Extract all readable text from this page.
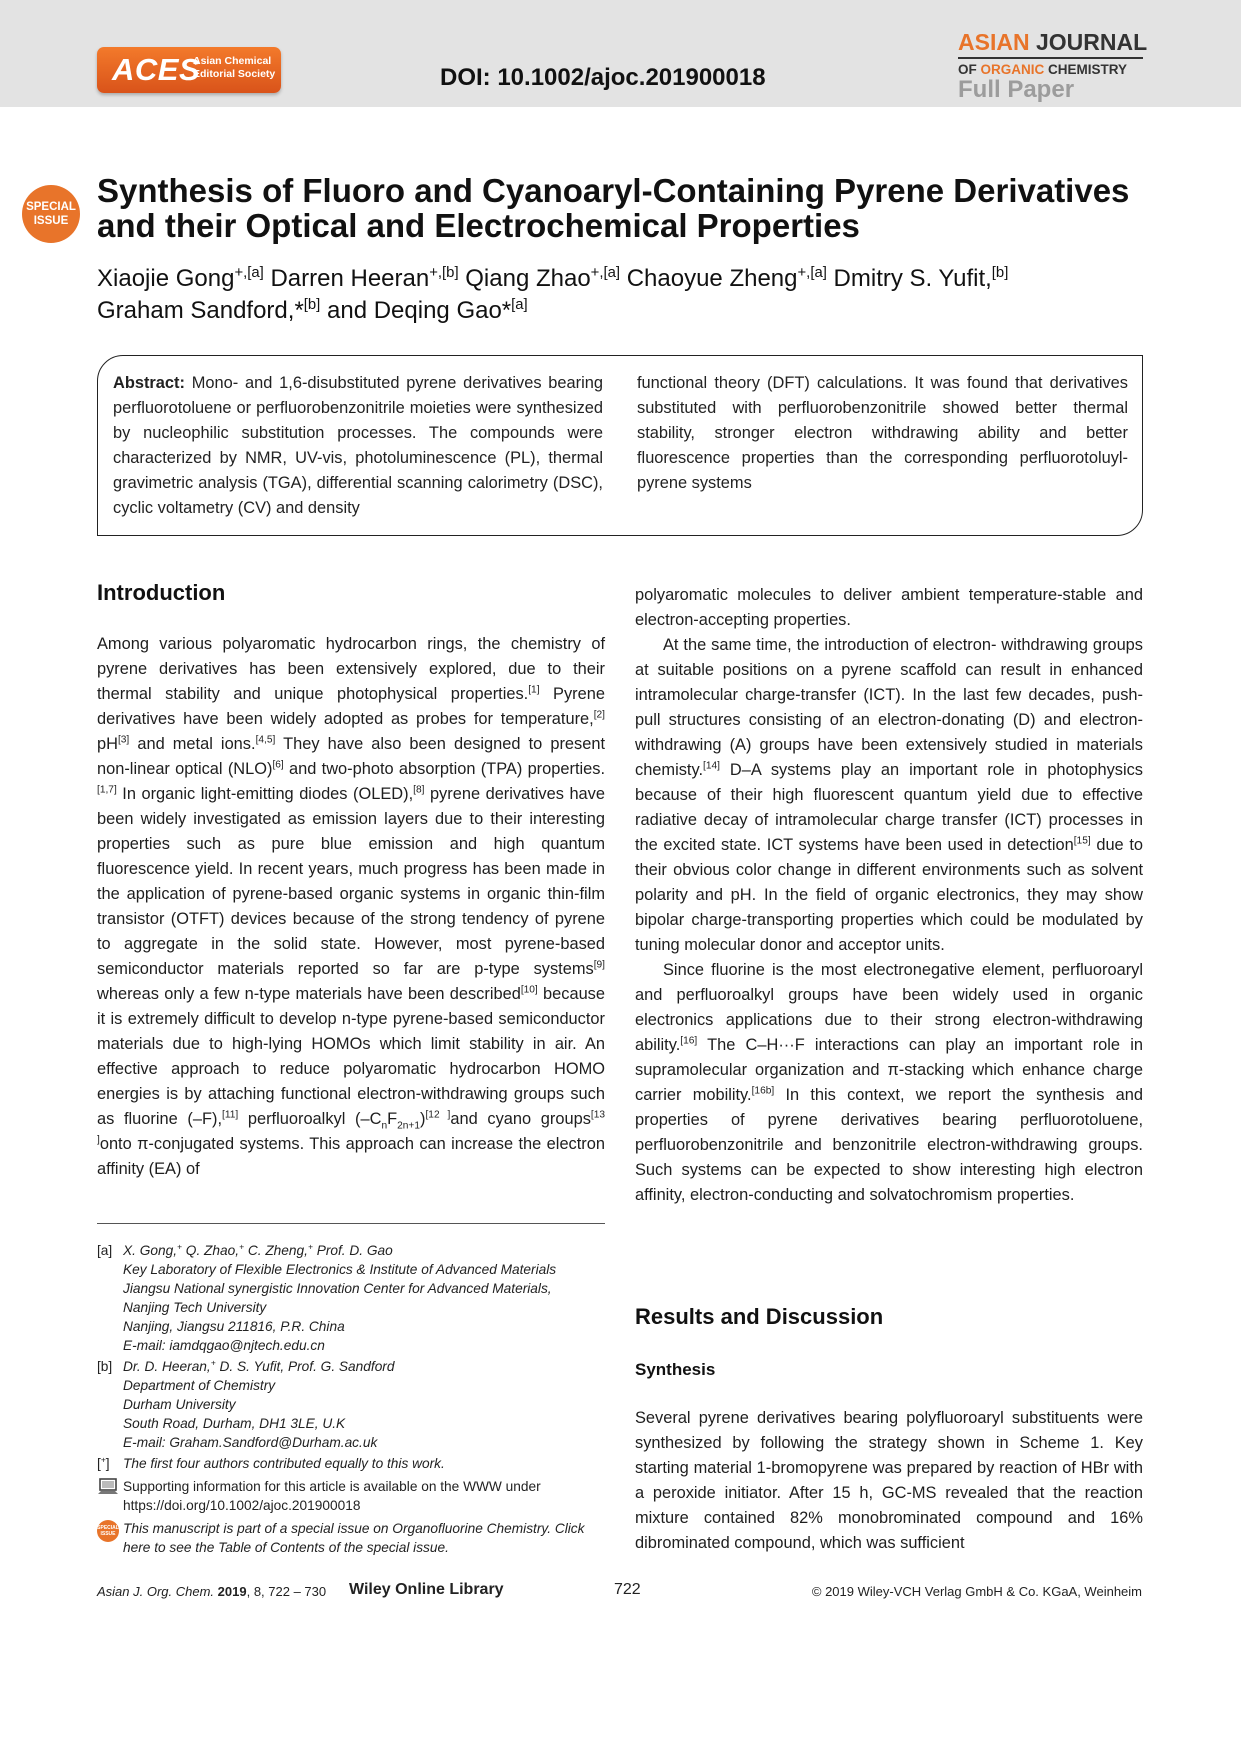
ACES
Asian Chemical
Editorial Society	DOI: 10.1002/ajoc.201900018
ASIAN JOURNAL
OF ORGANIC CHEMISTRY
Full Paper
SPECIAL
ISSUE
Synthesis of Fluoro and Cyanoaryl-Containing Pyrene Derivatives and their Optical and Electrochemical Properties
Xiaojie Gong$^{+,[a]}$ Darren Heeran$^{+,[b]}$ Qiang Zhao$^{+,[a]}$ Chaoyue Zheng$^{+,[a]}$ Dmitry S. Yufit,[b]
Graham Sandford,*[b] and Deqing Gao*[a]
Abstract: Mono- and 1,6-disubstituted pyrene derivatives bearing perfluorotoluene or perfluorobenzonitrile moieties were synthesized by nucleophilic substitution processes. The compounds were characterized by NMR, UV-vis, photoluminescence (PL), thermal gravimetric analysis (TGA), differential scanning calorimetry (DSC), cyclic voltametry (CV) and density
functional theory (DFT) calculations. It was found that derivatives substituted with perfluorobenzonitrile showed better thermal stability, stronger electron withdrawing ability and better fluorescence properties than the corresponding perfluorotoluyl-pyrene systems
Introduction

Among various polyaromatic hydrocarbon rings, the chemistry of pyrene derivatives has been extensively explored, due to their thermal stability and unique photophysical properties.[1] Pyrene derivatives have been widely adopted as probes for temperature,[2] pH[3] and metal ions.[4,5] They have also been designed to present non-linear optical (NLO)[6] and two-photo absorption (TPA) properties.[1,7] In organic light-emitting diodes (OLED),[8] pyrene derivatives have been widely investigated as emission layers due to their interesting properties such as pure blue emission and high quantum fluorescence yield. In recent years, much progress has been made in the application of pyrene-based organic systems in organic thin-film transistor (OTFT) devices because of the strong tendency of pyrene to aggregate in the solid state. However, most pyrene-based semiconductor materials reported so far are p-type systems[9] whereas only a few n-type materials have been described[10] because it is extremely difficult to develop n-type pyrene-based semiconductor materials due to high-lying HOMOs which limit stability in air. An effective approach to reduce polyaromatic hydrocarbon HOMO energies is by attaching functional electron-withdrawing groups such as fluorine (–F),[11] perfluoroalkyl $(-C_nF_{2n+1})[12 ]and$ cyano groups[13 ]onto π-conjugated systems. This approach can increase the electron affinity (EA) of

[a] X. Gong,+ Q. Zhao,+ C. Zheng,+ Prof. D. Gao
Key Laboratory of Flexible Electronics & Institute of Advanced Materials
Jiangsu National synergistic Innovation Center for Advanced Materials,
Nanjing Tech University
Nanjing, Jiangsu 211816, P.R. China
E-mail: iamdqgao@njtech.edu.cn
[b] Dr. D. Heeran,+ D. S. Yufit, Prof. G. Sandford
Department of Chemistry
Durham University
South Road, Durham, DH1 3LE, U.K
E-mail: Graham.Sandford@Durham.ac.uk
[+] The first four authors contributed equally to this work.
Supporting information for this article is available on the WWW under
https://doi.org/10.1002/ajoc.201900018
SPECIAL
ISSUE This manuscript is part of a special issue on Organofluorine Chemistry. Click here to see the Table of Contents of the special issue.

polyaromatic molecules to deliver ambient temperature-stable and electron-accepting properties.

At the same time, the introduction of electron- withdrawing groups at suitable positions on a pyrene scaffold can result in enhanced intramolecular charge-transfer (ICT). In the last few decades, push-pull structures consisting of an electron-donating (D) and electron-withdrawing (A) groups have been extensively studied in materials chemisty.[14] D–A systems play an important role in photophysics because of their high fluorescent quantum yield due to effective radiative decay of intramolecular charge transfer (ICT) processes in the excited state. ICT systems have been used in detection[15] due to their obvious color change in different environments such as solvent polarity and pH. In the field of organic electronics, they may show bipolar charge-transporting properties which could be modulated by tuning molecular donor and acceptor units.

Since fluorine is the most electronegative element, perfluoroaryl and perfluoroalkyl groups have been widely used in organic electronics applications due to their strong electron-withdrawing ability.[16] The C–H···F interactions can play an important role in supramolecular organization and π-stacking which enhance charge carrier mobility.[16b] In this context, we report the synthesis and properties of pyrene derivatives bearing perfluorotoluene, perfluorobenzonitrile and benzonitrile electron-withdrawing groups. Such systems can be expected to show interesting high electron affinity, electron-conducting and solvatochromism properties.

Results and Discussion
Synthesis
Several pyrene derivatives bearing polyfluoroaryl substituents were synthesized by following the strategy shown in Scheme 1. Key starting material 1-bromopyrene was prepared by reaction of HBr with a peroxide initiator. After 15 h, GC-MS revealed that the reaction mixture contained 82% monobrominated compound and 16% dibrominated compound, which was sufficient
Asian J. Org. Chem. 2019, 8, 722 – 730 Wiley Online Library	722	© 2019 Wiley-VCH Verlag GmbH & Co. KGaA, Weinheim
